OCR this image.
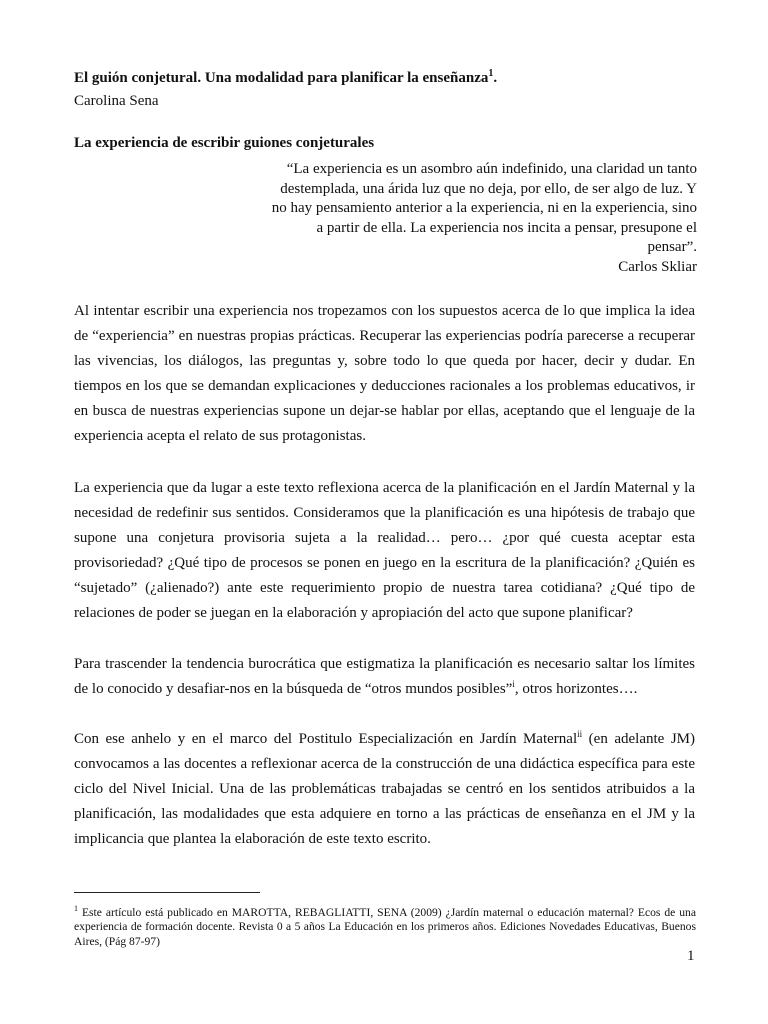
El guión conjetural. Una modalidad para planificar la enseñanza$^1$.
Carolina Sena
La experiencia de escribir guiones conjeturales
“La experiencia es un asombro aún indefinido, una claridad un tanto
destemplada, una árida luz que no deja, por ello, de ser algo de luz. Y
no hay pensamiento anterior a la experiencia, ni en la experiencia, sino
a partir de ella. La experiencia nos incita a pensar, presupone el
pensar”.
Carlos Skliar
Al intentar escribir una experiencia nos tropezamos con los supuestos acerca de lo que implica la idea de “experiencia” en nuestras propias prácticas. Recuperar las experiencias podría parecerse a recuperar las vivencias, los diálogos, las preguntas y, sobre todo lo que queda por hacer, decir y dudar. En tiempos en los que se demandan explicaciones y deducciones racionales a los problemas educativos, ir en busca de nuestras experiencias supone un dejar-se hablar por ellas, aceptando que el lenguaje de la experiencia acepta el relato de sus protagonistas.
La experiencia que da lugar a este texto reflexiona acerca de la planificación en el Jardín Maternal y la necesidad de redefinir sus sentidos. Consideramos que la planificación es una hipótesis de trabajo que supone una conjetura provisoria sujeta a la realidad… pero… ¿por qué cuesta aceptar esta provisoriedad? ¿Qué tipo de procesos se ponen en juego en la escritura de la planificación? ¿Quién es “sujetado” (¿alienado?) ante este requerimiento propio de nuestra tarea cotidiana? ¿Qué tipo de relaciones de poder se juegan en la elaboración y apropiación del acto que supone planificar?
Para trascender la tendencia burocrática que estigmatiza la planificación es necesario saltar los límites de lo conocido y desafiar-nos en la búsqueda de “otros mundos posibles”$^i$, otros horizontes….
Con ese anhelo y en el marco del Postitulo Especialización en Jardín Maternal$^{ii}$ (en adelante JM) convocamos a las docentes a reflexionar acerca de la construcción de una didáctica específica para este ciclo del Nivel Inicial. Una de las problemáticas trabajadas se centró en los sentidos atribuidos a la planificación, las modalidades que esta adquiere en torno a las prácticas de enseñanza en el JM y la implicancia que plantea la elaboración de este texto escrito.
$^1$ Este artículo está publicado en MAROTTA, REBAGLIATTI, SENA (2009) ¿Jardín maternal o educación maternal? Ecos de una experiencia de formación docente. Revista 0 a 5 años La Educación en los primeros años. Ediciones Novedades Educativas, Buenos Aires, (Pág 87-97)
1
